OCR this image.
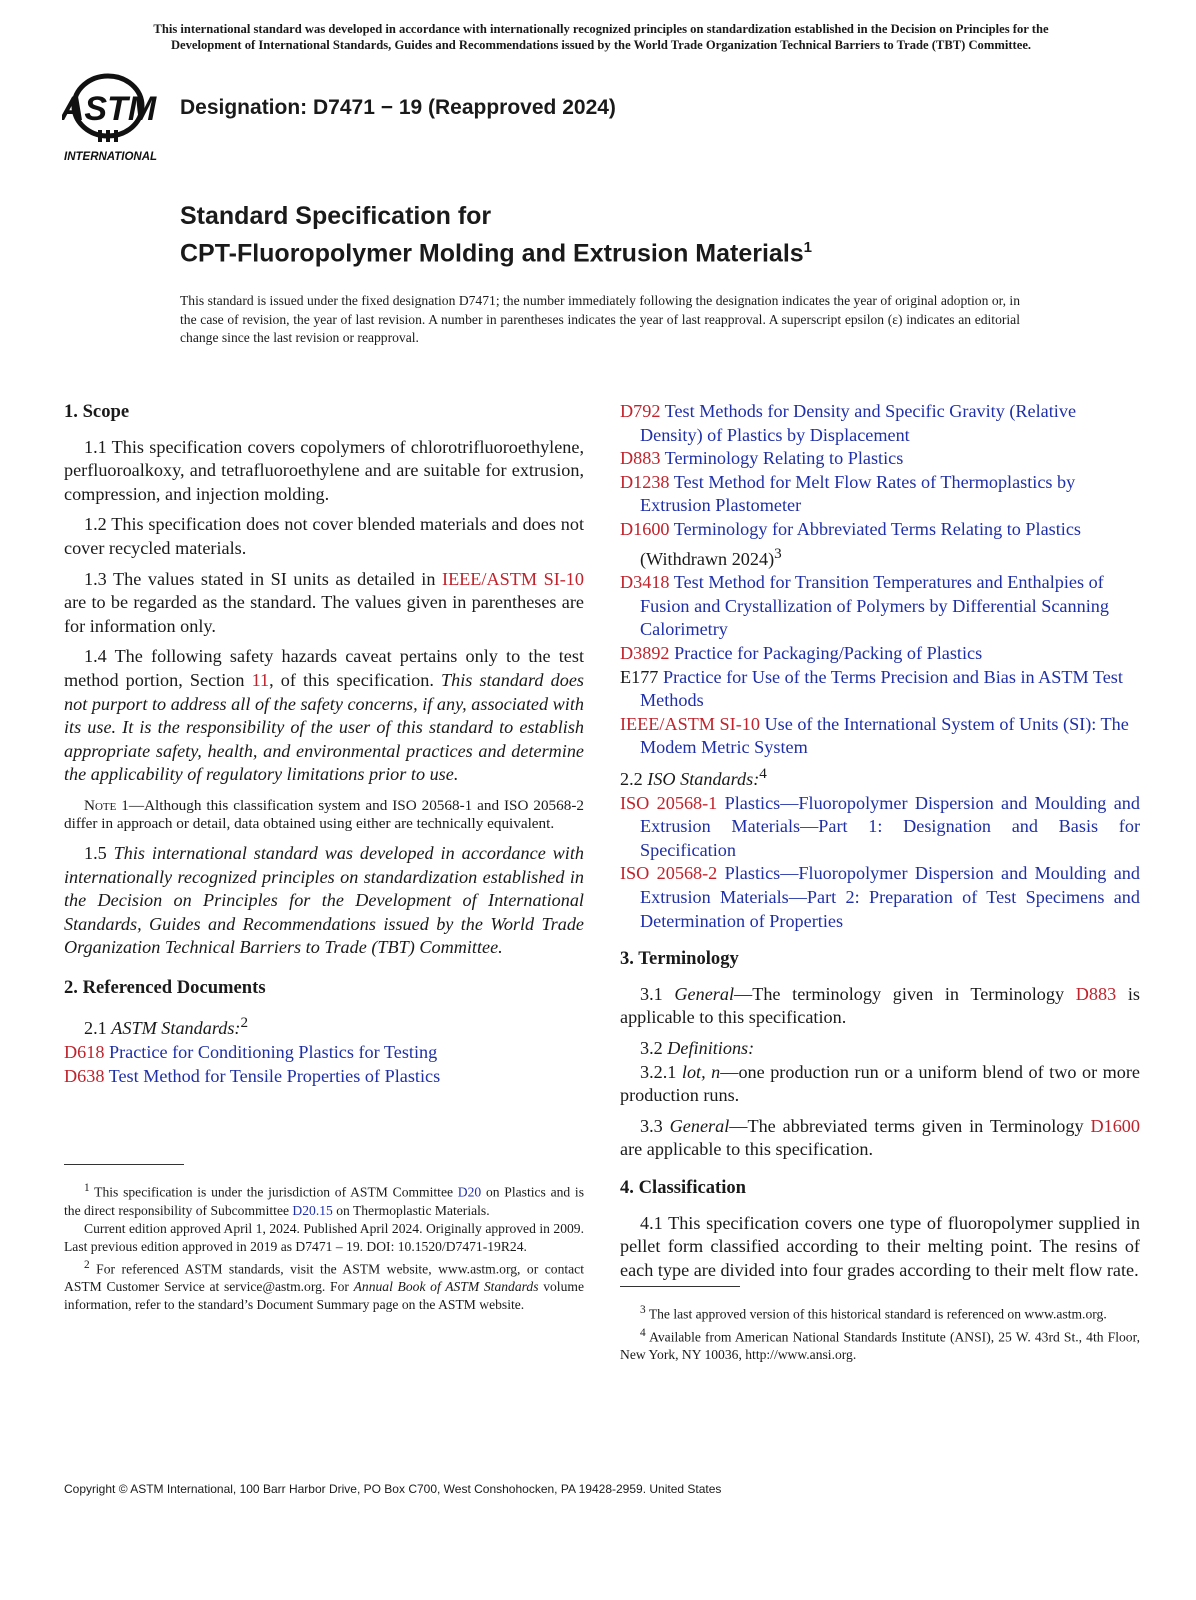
This international standard was developed in accordance with internationally recognized principles on standardization established in the Decision on Principles for the
Development of International Standards, Guides and Recommendations issued by the World Trade Organization Technical Barriers to Trade (TBT) Committee.
ASTM
INTERNATIONAL
Designation: D7471 − 19 (Reapproved 2024)
Standard Specification for
CPT-Fluoropolymer Molding and Extrusion Materials$^1$
This standard is issued under the fixed designation D7471; the number immediately following the designation indicates the year of original adoption or, in the case of revision, the year of last revision. A number in parentheses indicates the year of last reapproval. A superscript epsilon (ε) indicates an editorial change since the last revision or reapproval.
1. Scope

1.1 This specification covers copolymers of chlorotrifluoroethylene, perfluoroalkoxy, and tetrafluoroethylene and are suitable for extrusion, compression, and injection molding.

1.2 This specification does not cover blended materials and does not cover recycled materials.

1.3 The values stated in SI units as detailed in IEEE/ASTM SI-10 are to be regarded as the standard. The values given in parentheses are for information only.

1.4 The following safety hazards caveat pertains only to the test method portion, Section 11, of this specification. This standard does not purport to address all of the safety concerns, if any, associated with its use. It is the responsibility of the user of this standard to establish appropriate safety, health, and environmental practices and determine the applicability of regulatory limitations prior to use.

Note 1—Although this classification system and ISO 20568-1 and ISO 20568-2 differ in approach or detail, data obtained using either are technically equivalent.

1.5 This international standard was developed in accordance with internationally recognized principles on standardization established in the Decision on Principles for the Development of International Standards, Guides and Recommendations issued by the World Trade Organization Technical Barriers to Trade (TBT) Committee.

2. Referenced Documents

2.1 ASTM Standards:$^2$

D618 Practice for Conditioning Plastics for Testing

D638 Test Method for Tensile Properties of Plastics

$^1$ This specification is under the jurisdiction of ASTM Committee D20 on Plastics and is the direct responsibility of Subcommittee D20.15 on Thermoplastic Materials.

Current edition approved April 1, 2024. Published April 2024. Originally approved in 2009. Last previous edition approved in 2019 as D7471 – 19. DOI: 10.1520/D7471-19R24.

$^2$ For referenced ASTM standards, visit the ASTM website, www.astm.org, or contact ASTM Customer Service at service@astm.org. For Annual Book of ASTM Standards volume information, refer to the standard’s Document Summary page on the ASTM website.

D792 Test Methods for Density and Specific Gravity (Relative Density) of Plastics by Displacement

D883 Terminology Relating to Plastics

D1238 Test Method for Melt Flow Rates of Thermoplastics by Extrusion Plastometer

D1600 Terminology for Abbreviated Terms Relating to Plastics (Withdrawn 2024)$^3$

D3418 Test Method for Transition Temperatures and Enthalpies of Fusion and Crystallization of Polymers by Differential Scanning Calorimetry

D3892 Practice for Packaging/Packing of Plastics

E177 Practice for Use of the Terms Precision and Bias in ASTM Test Methods

IEEE/ASTM SI-10 Use of the International System of Units (SI): The Modem Metric System

2.2 ISO Standards:$^4$

ISO 20568-1 Plastics—Fluoropolymer Dispersion and Moulding and Extrusion Materials—Part 1: Designation and Basis for Specification

ISO 20568-2 Plastics—Fluoropolymer Dispersion and Moulding and Extrusion Materials—Part 2: Preparation of Test Specimens and Determination of Properties

3. Terminology

3.1 General—The terminology given in Terminology D883 is applicable to this specification.

3.2 Definitions:

3.2.1 lot, n—one production run or a uniform blend of two or more production runs.

3.3 General—The abbreviated terms given in Terminology D1600 are applicable to this specification.

4. Classification

4.1 This specification covers one type of fluoropolymer supplied in pellet form classified according to their melting point. The resins of each type are divided into four grades according to their melt flow rate.

$^3$ The last approved version of this historical standard is referenced on www.astm.org.

$^4$ Available from American National Standards Institute (ANSI), 25 W. 43rd St., 4th Floor, New York, NY 10036, http://www.ansi.org.

Copyright © ASTM International, 100 Barr Harbor Drive, PO Box C700, West Conshohocken, PA 19428-2959. United States
